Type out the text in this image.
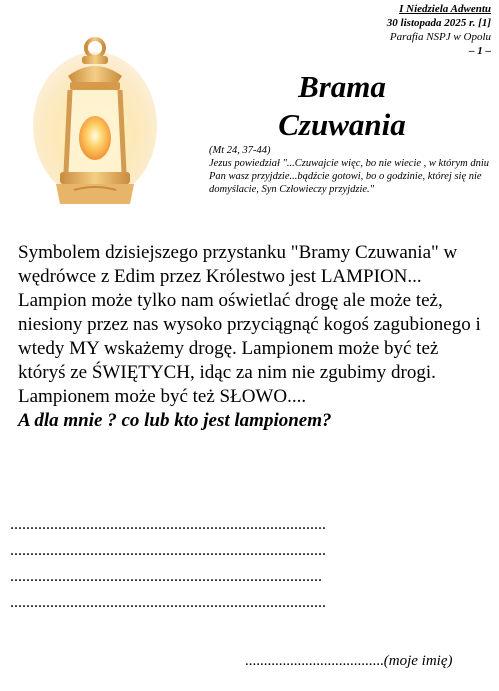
I Niedziela Adwentu
30 listopada 2025 r. [1]
Parafia NSPJ w Opolu
– 1 –
Brama
Czuwania
(Mt 24, 37-44)
Jezus powiedział "...Czuwajcie więc, bo nie wiecie , w którym dniu Pan wasz przyjdzie...bądźcie gotowi, bo o godzinie, której się nie domyślacie, Syn Człowieczy przyjdzie."

Symbolem dzisiejszego przystanku "Bramy Czuwania" w wędrówce z Edim przez Królestwo jest LAMPION...

Lampion może tylko nam oświetlać drogę ale może też, niesiony przez nas wysoko przyciągnąć kogoś zagubionego i wtedy MY wskażemy drogę. Lampionem może być też któryś ze ŚWIĘTYCH, idąc za nim nie zgubimy drogi. Lampionem może być też SŁOWO....

A dla mnie ? co lub kto jest lampionem?

...............................................................................
...............................................................................
..............................................................................
...............................................................................
.....................................(moje imię)
